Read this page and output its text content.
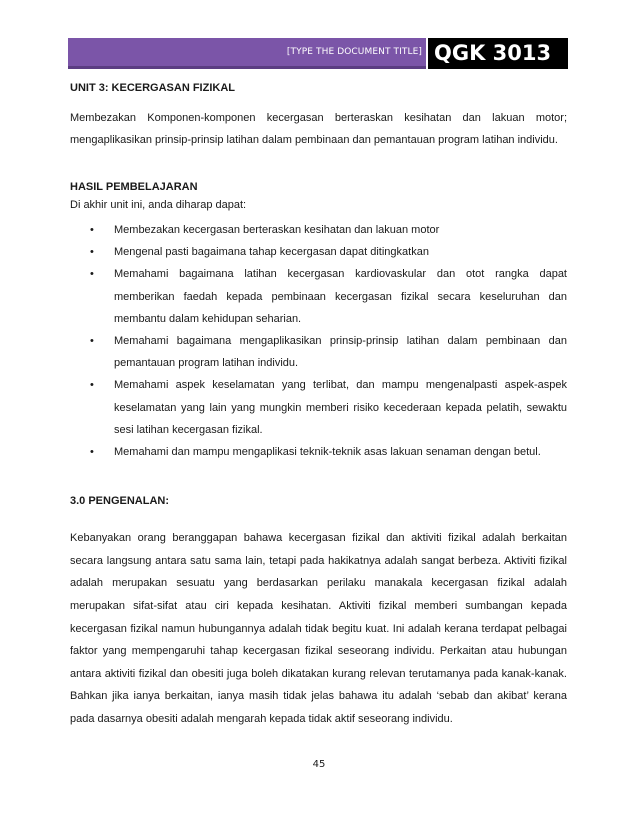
[TYPE THE DOCUMENT TITLE] QGK 3013

UNIT 3: KECERGASAN FIZIKAL

Membezakan Komponen-komponen kecergasan berteraskan kesihatan dan lakuan motor; mengaplikasikan prinsip-prinsip latihan dalam pembinaan dan pemantauan program latihan individu.

HASIL PEMBELAJARAN

Di akhir unit ini, anda diharap dapat:

• Membezakan kecergasan berteraskan kesihatan dan lakuan motor
• Mengenal pasti bagaimana tahap kecergasan dapat ditingkatkan
• Memahami bagaimana latihan kecergasan kardiovaskular dan otot rangka dapat memberikan faedah kepada pembinaan kecergasan fizikal secara keseluruhan dan membantu dalam kehidupan seharian.
• Memahami bagaimana mengaplikasikan prinsip-prinsip latihan dalam pembinaan dan pemantauan program latihan individu.
• Memahami aspek keselamatan yang terlibat, dan mampu mengenalpasti aspek-aspek keselamatan yang lain yang mungkin memberi risiko kecederaan kepada pelatih, sewaktu sesi latihan kecergasan fizikal.
• Memahami dan mampu mengaplikasi teknik-teknik asas lakuan senaman dengan betul.

3.0 PENGENALAN:

Kebanyakan orang beranggapan bahawa kecergasan fizikal dan aktiviti fizikal adalah berkaitan secara langsung antara satu sama lain, tetapi pada hakikatnya adalah sangat berbeza. Aktiviti fizikal adalah merupakan sesuatu yang berdasarkan perilaku manakala kecergasan fizikal adalah merupakan sifat-sifat atau ciri kepada kesihatan. Aktiviti fizikal memberi sumbangan kepada kecergasan fizikal namun hubungannya adalah tidak begitu kuat. Ini adalah kerana terdapat pelbagai faktor yang mempengaruhi tahap kecergasan fizikal seseorang individu. Perkaitan atau hubungan antara aktiviti fizikal dan obesiti juga boleh dikatakan kurang relevan terutamanya pada kanak-kanak. Bahkan jika ianya berkaitan, ianya masih tidak jelas bahawa itu adalah ‘sebab dan akibat’ kerana pada dasarnya obesiti adalah mengarah kepada tidak aktif seseorang individu.

45
